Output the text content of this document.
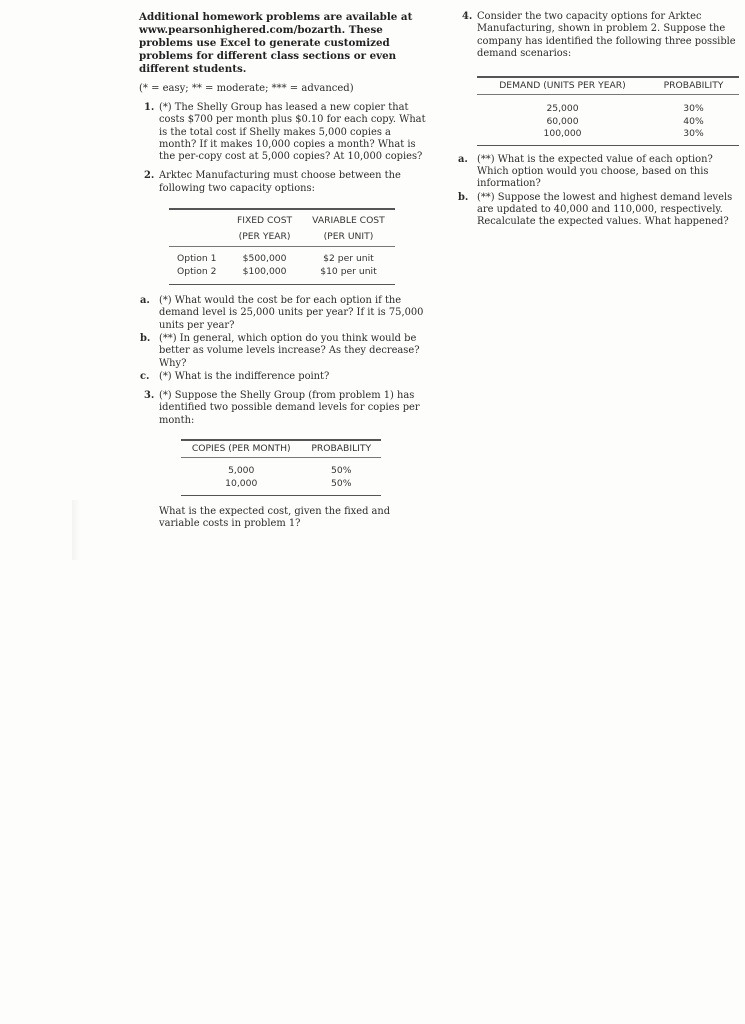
Additional homework problems are available at www.pearsonhighered.com/bozarth. These problems use Excel to generate customized problems for different class sections or even different students.
(* = easy; ** = moderate; *** = advanced)
1. (*) The Shelly Group has leased a new copier that costs $700 per month plus $0.10 for each copy. What is the total cost if Shelly makes 5,000 copies a month? If it makes 10,000 copies a month? What is the per-copy cost at 5,000 copies? At 10,000 copies?
2. Arktec Manufacturing must choose between the following two capacity options:
	FIXED COST	VARIABLE COST
	(PER YEAR)	(PER UNIT)
Option 1	$500,000	$2 per unit
Option 2	$100,000	$10 per unit
a. (*) What would the cost be for each option if the demand level is 25,000 units per year? If it is 75,000 units per year?
b. (**) In general, which option do you think would be better as volume levels increase? As they decrease? Why?
c. (*) What is the indifference point?
3. (*) Suppose the Shelly Group (from problem 1) has identified two possible demand levels for copies per month:
COPIES (PER MONTH)	PROBABILITY
5,000	50%
10,000	50%
What is the expected cost, given the fixed and variable costs in problem 1?
4. Consider the two capacity options for Arktec Manufacturing, shown in problem 2. Suppose the company has identified the following three possible demand scenarios:
DEMAND (UNITS PER YEAR)	PROBABILITY
25,000	30%
60,000	40%
100,000	30%
a. (**) What is the expected value of each option? Which option would you choose, based on this information?
b. (**) Suppose the lowest and highest demand levels are updated to 40,000 and 110,000, respectively. Recalculate the expected values. What happened?
